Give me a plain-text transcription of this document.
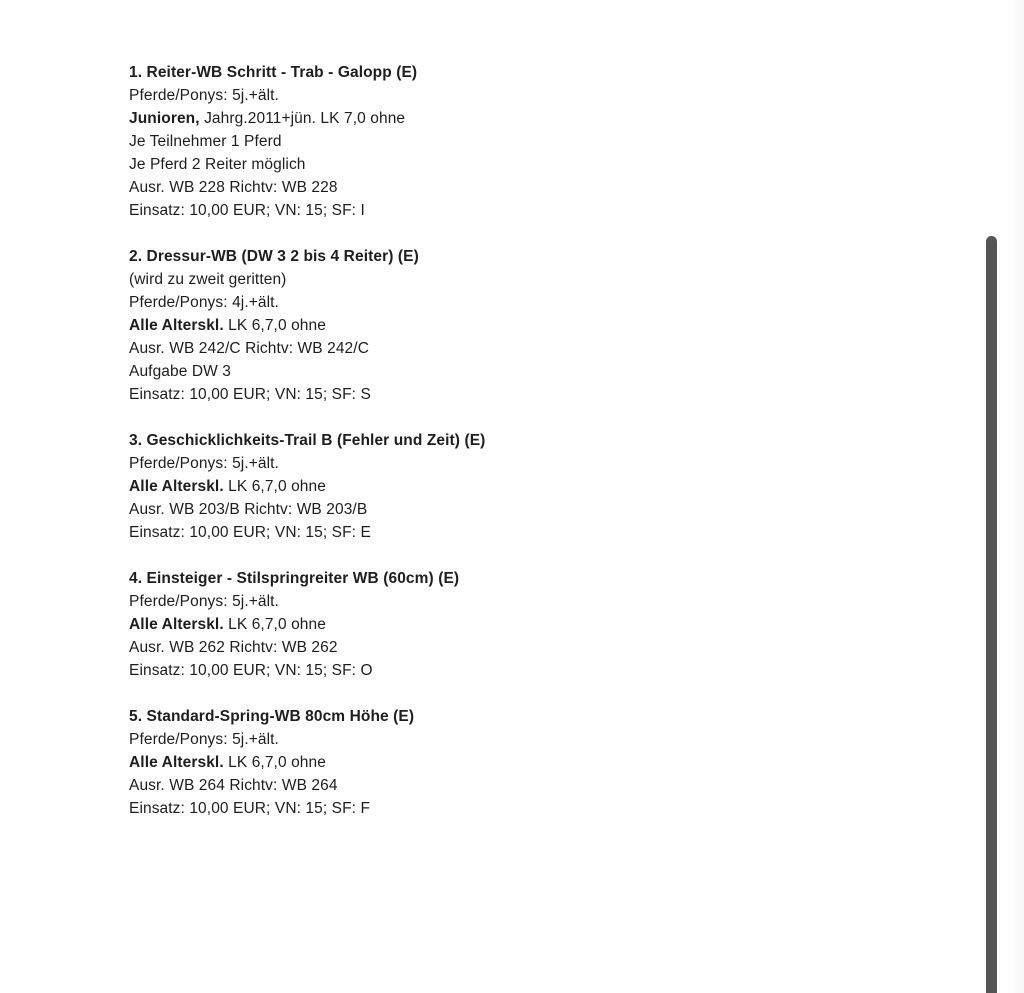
1. Reiter-WB Schritt - Trab - Galopp (E)
Pferde/Ponys: 5j.+ält.
Junioren, Jahrg.2011+jün. LK 7,0 ohne
Je Teilnehmer 1 Pferd
Je Pferd 2 Reiter möglich
Ausr. WB 228 Richtv: WB 228
Einsatz: 10,00 EUR; VN: 15; SF: I
2. Dressur-WB (DW 3 2 bis 4 Reiter) (E)
(wird zu zweit geritten)
Pferde/Ponys: 4j.+ält.
Alle Alterskl. LK 6,7,0 ohne
Ausr. WB 242/C Richtv: WB 242/C
Aufgabe DW 3
Einsatz: 10,00 EUR; VN: 15; SF: S
3. Geschicklichkeits-Trail B (Fehler und Zeit) (E)
Pferde/Ponys: 5j.+ält.
Alle Alterskl. LK 6,7,0 ohne
Ausr. WB 203/B Richtv: WB 203/B
Einsatz: 10,00 EUR; VN: 15; SF: E
4. Einsteiger - Stilspringreiter WB (60cm) (E)
Pferde/Ponys: 5j.+ält.
Alle Alterskl. LK 6,7,0 ohne
Ausr. WB 262 Richtv: WB 262
Einsatz: 10,00 EUR; VN: 15; SF: O
5. Standard-Spring-WB 80cm Höhe (E)
Pferde/Ponys: 5j.+ält.
Alle Alterskl. LK 6,7,0 ohne
Ausr. WB 264 Richtv: WB 264
Einsatz: 10,00 EUR; VN: 15; SF: F
